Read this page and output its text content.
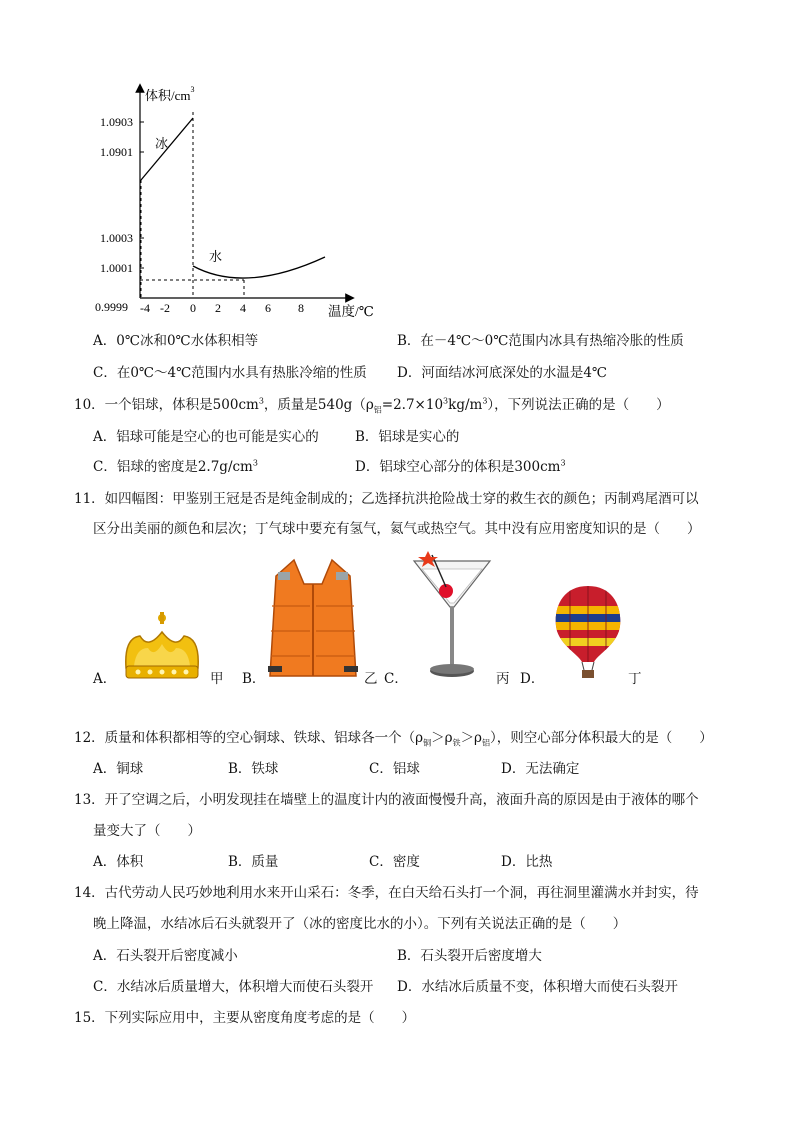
1.0903
1.0901
1.0003
1.0001
0.9999 -4 -2 0 2 4 6 8
体积$/cm^3$
温度/℃
冰
水
A．0℃冰和0℃水体积相等	B．在－4℃～0℃范围内冰具有热缩冷胀的性质
C．在0℃～4℃范围内水具有热胀冷缩的性质 D．河面结冰河底深处的水温是4℃
10．一个铝球，体积是$500cm^3$，质量是$540g(\rho_铝=2.7\times 10^3kg/m^3)$，下列说法正确的是（　　）
A．铝球可能是空心的也可能是实心的	B．铝球是实心的
C．铝球的密度是$2.7g/cm^3$	D．铝球空心部分的体积是$300cm^3$
11．如四幅图：甲鉴别王冠是否是纯金制成的；乙选择抗洪抢险战士穿的救生衣的颜色；丙制鸡尾酒可以
区分出美丽的颜色和层次；丁气球中要充有氢气，氦气或热空气。其中没有应用密度知识的是（　　）
A．	甲 B．	乙 C．	丙 D．	丁
12．质量和体积都相等的空心铜球、铁球、铝球各一个$(\rho_铜>\rho_铁>\rho_铝)$，则空心部分体积最大的是（　　）
A．铜球	B．铁球	C．铝球	D．无法确定
13．开了空调之后，小明发现挂在墙壁上的温度计内的液面慢慢升高，液面升高的原因是由于液体的哪个
量变大了（　　）
A．体积	B．质量	C．密度	D．比热
14．古代劳动人民巧妙地利用水来开山采石：冬季，在白天给石头打一个洞，再往洞里灌满水并封实，待
晚上降温，水结冰后石头就裂开了（冰的密度比水的小）。下列有关说法正确的是（　　）
A．石头裂开后密度减小	B．石头裂开后密度增大
C．水结冰后质量增大，体积增大而使石头裂开 D．水结冰后质量不变，体积增大而使石头裂开
15．下列实际应用中，主要从密度角度考虑的是（　　）
